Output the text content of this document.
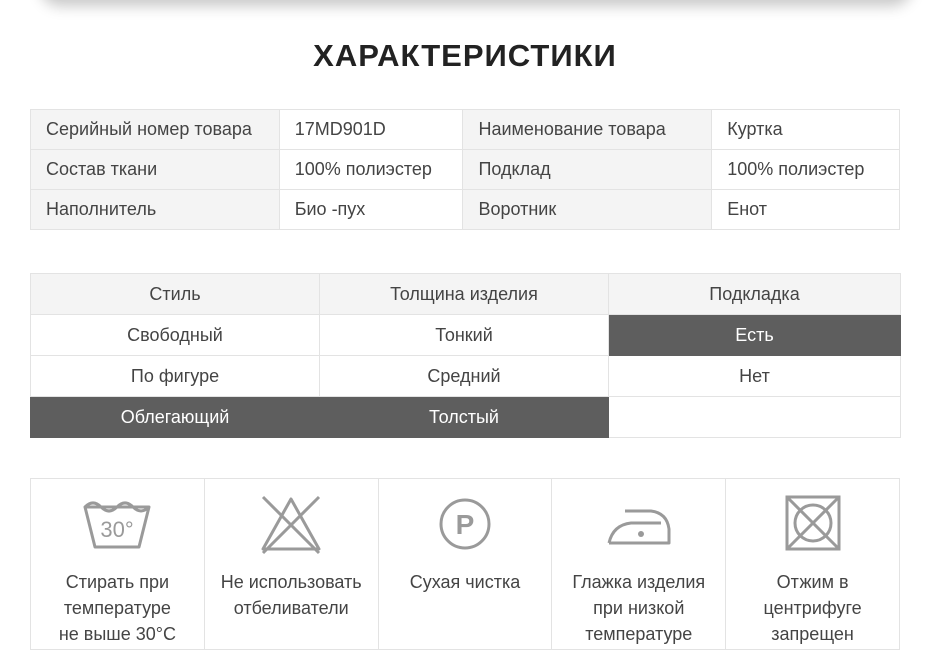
ХАРАКТЕРИСТИКИ
Серийный номер товара	17MD901D	Наименование товара	Куртка
Состав ткани	100% полиэстер	Подклад	100% полиэстер
Наполнитель	Био -пух	Воротник	Енот
Стиль	Толщина изделия	Подкладка
Свободный	Тонкий	Есть
По фигуре	Средний	Нет
Облегающий	Толстый	
30°
Стирать при
температуре
не выше 30°С
Не использовать
отбеливатели
P
Сухая чистка	Глажка изделия
при низкой
температуре
Отжим в
центрифуге
запрещен
